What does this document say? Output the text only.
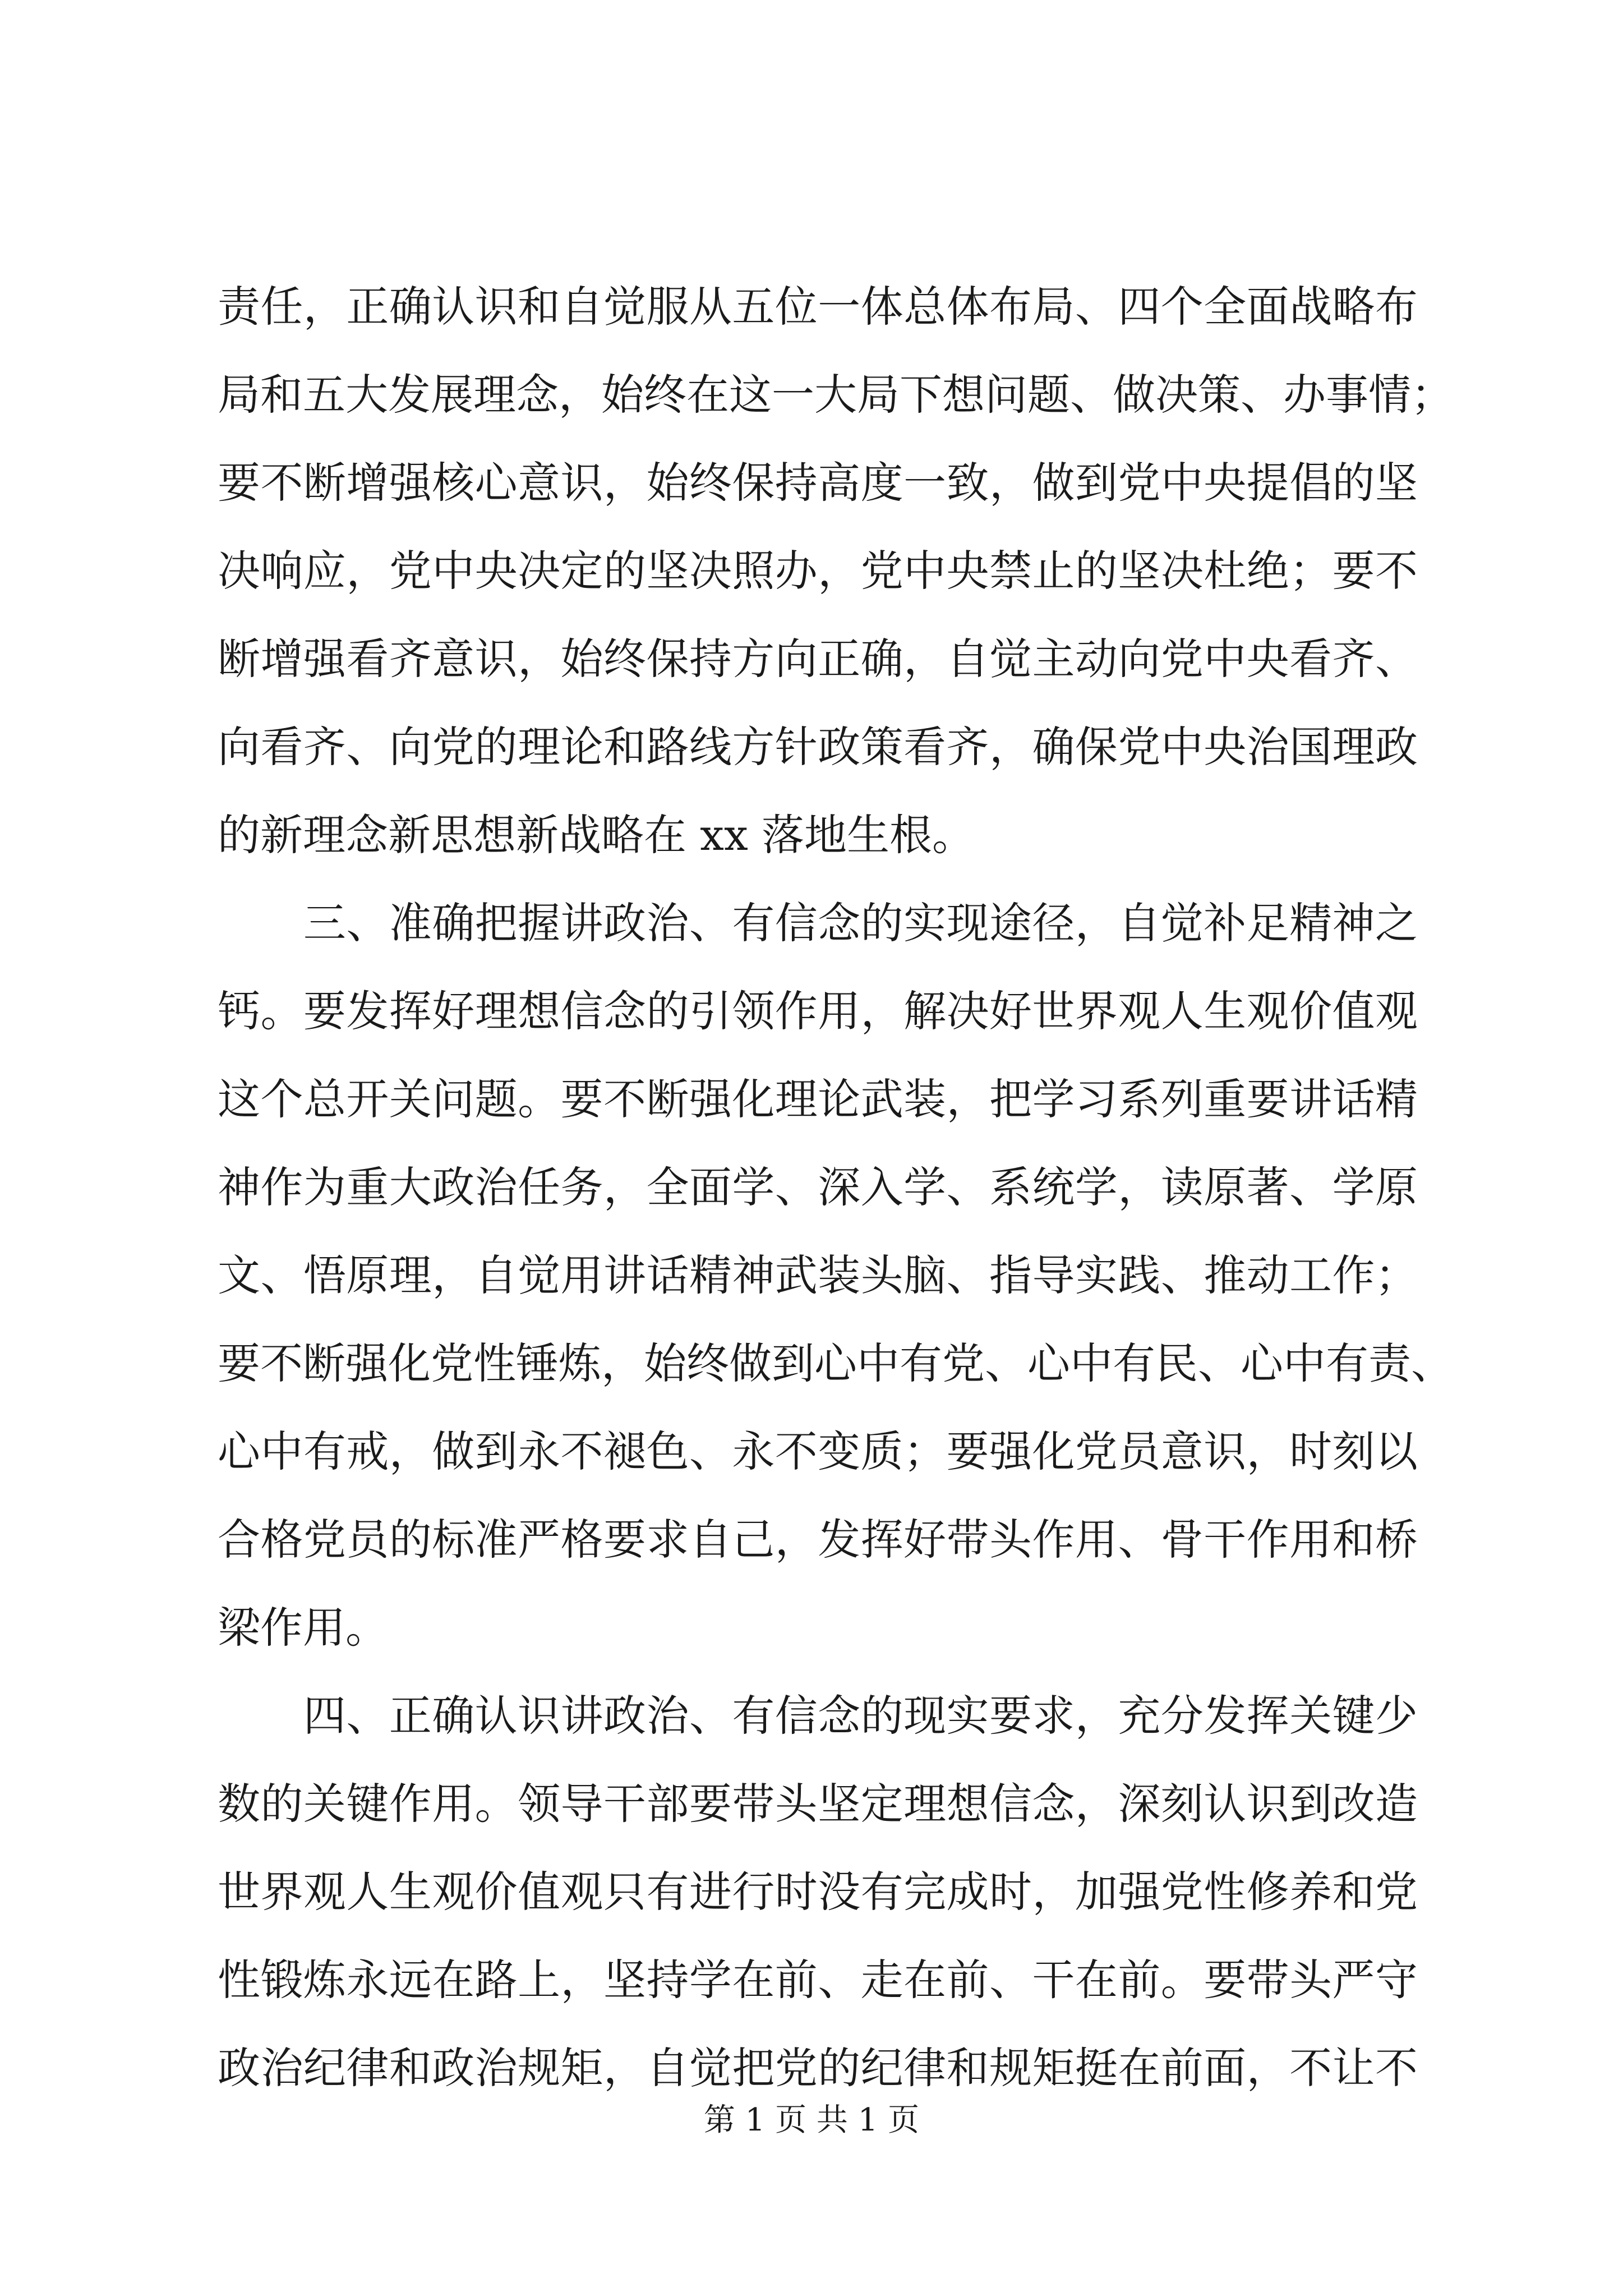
责任，正确认识和自觉服从五位一体总体布局、四个全面战略布
局和五大发展理念，始终在这一大局下想问题、做决策、办事情；
要不断增强核心意识，始终保持高度一致，做到党中央提倡的坚
决响应，党中央决定的坚决照办，党中央禁止的坚决杜绝；要不
断增强看齐意识，始终保持方向正确，自觉主动向党中央看齐、
向看齐、向党的理论和路线方针政策看齐，确保党中央治国理政
的新理念新思想新战略在 xx 落地生根。
　　三、准确把握讲政治、有信念的实现途径，自觉补足精神之
钙。要发挥好理想信念的引领作用，解决好世界观人生观价值观
这个总开关问题。要不断强化理论武装，把学习系列重要讲话精
神作为重大政治任务，全面学、深入学、系统学，读原著、学原
文、悟原理，自觉用讲话精神武装头脑、指导实践、推动工作；
要不断强化党性锤炼，始终做到心中有党、心中有民、心中有责、
心中有戒，做到永不褪色、永不变质；要强化党员意识，时刻以
合格党员的标准严格要求自己，发挥好带头作用、骨干作用和桥
梁作用。
　　四、正确认识讲政治、有信念的现实要求，充分发挥关键少
数的关键作用。领导干部要带头坚定理想信念，深刻认识到改造
世界观人生观价值观只有进行时没有完成时，加强党性修养和党
性锻炼永远在路上，坚持学在前、走在前、干在前。要带头严守
政治纪律和政治规矩，自觉把党的纪律和规矩挺在前面，不让不
第 1 页 共 1 页
